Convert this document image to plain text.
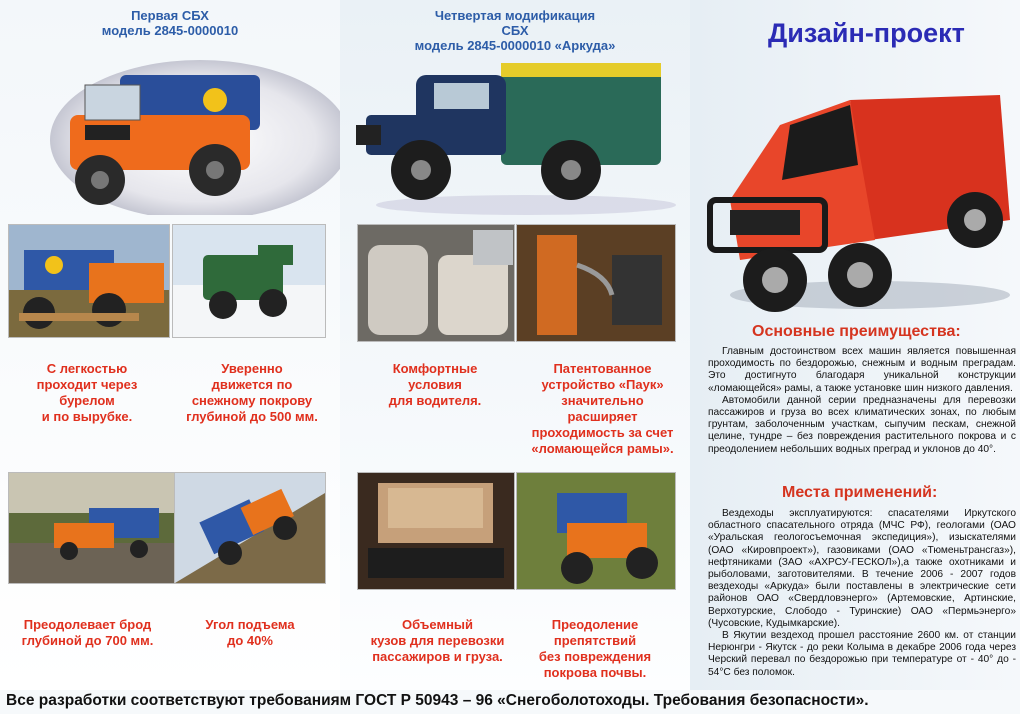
Первая СБХ
модель 2845-0000010
Четвертая модификация
СБХ
модель 2845-0000010 «Аркуда»	Дизайн-проект
С легкостью
проходит через
бурелом
и по вырубке.
Уверенно
движется по
снежному покрову
глубиной до 500 мм.
Комфортные
условия
для водителя.
Патентованное
устройство «Паук»
значительно
расширяет
проходимость за счет
«ломающейся рамы».
Преодолевает брод
глубиной до 700 мм.
Угол подъема
до 40%
Объемный
кузов для перевозки
пассажиров и груза.
Преодоление
препятствий
без повреждения
покрова почвы.
Основные преимущества:

Главным достоинством всех машин является повышенная проходимость по бездорожью, снежным и водным преградам. Это достигнуто благодаря уникальной конструкции «ломающейся» рамы, а также установке шин низкого давления.

Автомобили данной серии предназначены для перевозки пассажиров и груза во всех климатических зонах, по любым грунтам, заболоченным участкам, сыпучим пескам, снежной целине, тундре – без повреждения растительного покрова и с преодолением небольших водных преград и уклонов до 40°.

Места применений:

Вездеходы эксплуатируются: спасателями Иркутского областного спасательного отряда (МЧС РФ), геологами (ОАО «Уральская геологосъемочная экспедиция»), изыскателями (ОАО «Кировпроект»), газовиками (ОАО «Тюменьтрансгаз»), нефтяниками (ЗАО «АХРСУ-ГЕСКОЛ»),а также охотниками и рыболовами, заготовителями. В течение 2006 - 2007 годов вездеходы «Аркуда» были поставлены в электрические сети районов ОАО «Свердловэнерго» (Артемовские, Артинские, Верхотурские, Слободо - Туринские) ОАО «Пермьэнерго» (Чусовские, Кудымкарские).

В Якутии вездеход прошел расстояние 2600 км. от станции Нерюнгри - Якутск - до реки Колыма в декабре 2006 года через Черский перевал по бездорожью при температуре от - 40° до - 54°С без поломок.

Все разработки соответствуют требованиям ГОСТ Р 50943 – 96 «Снегоболотоходы. Требования безопасности».
